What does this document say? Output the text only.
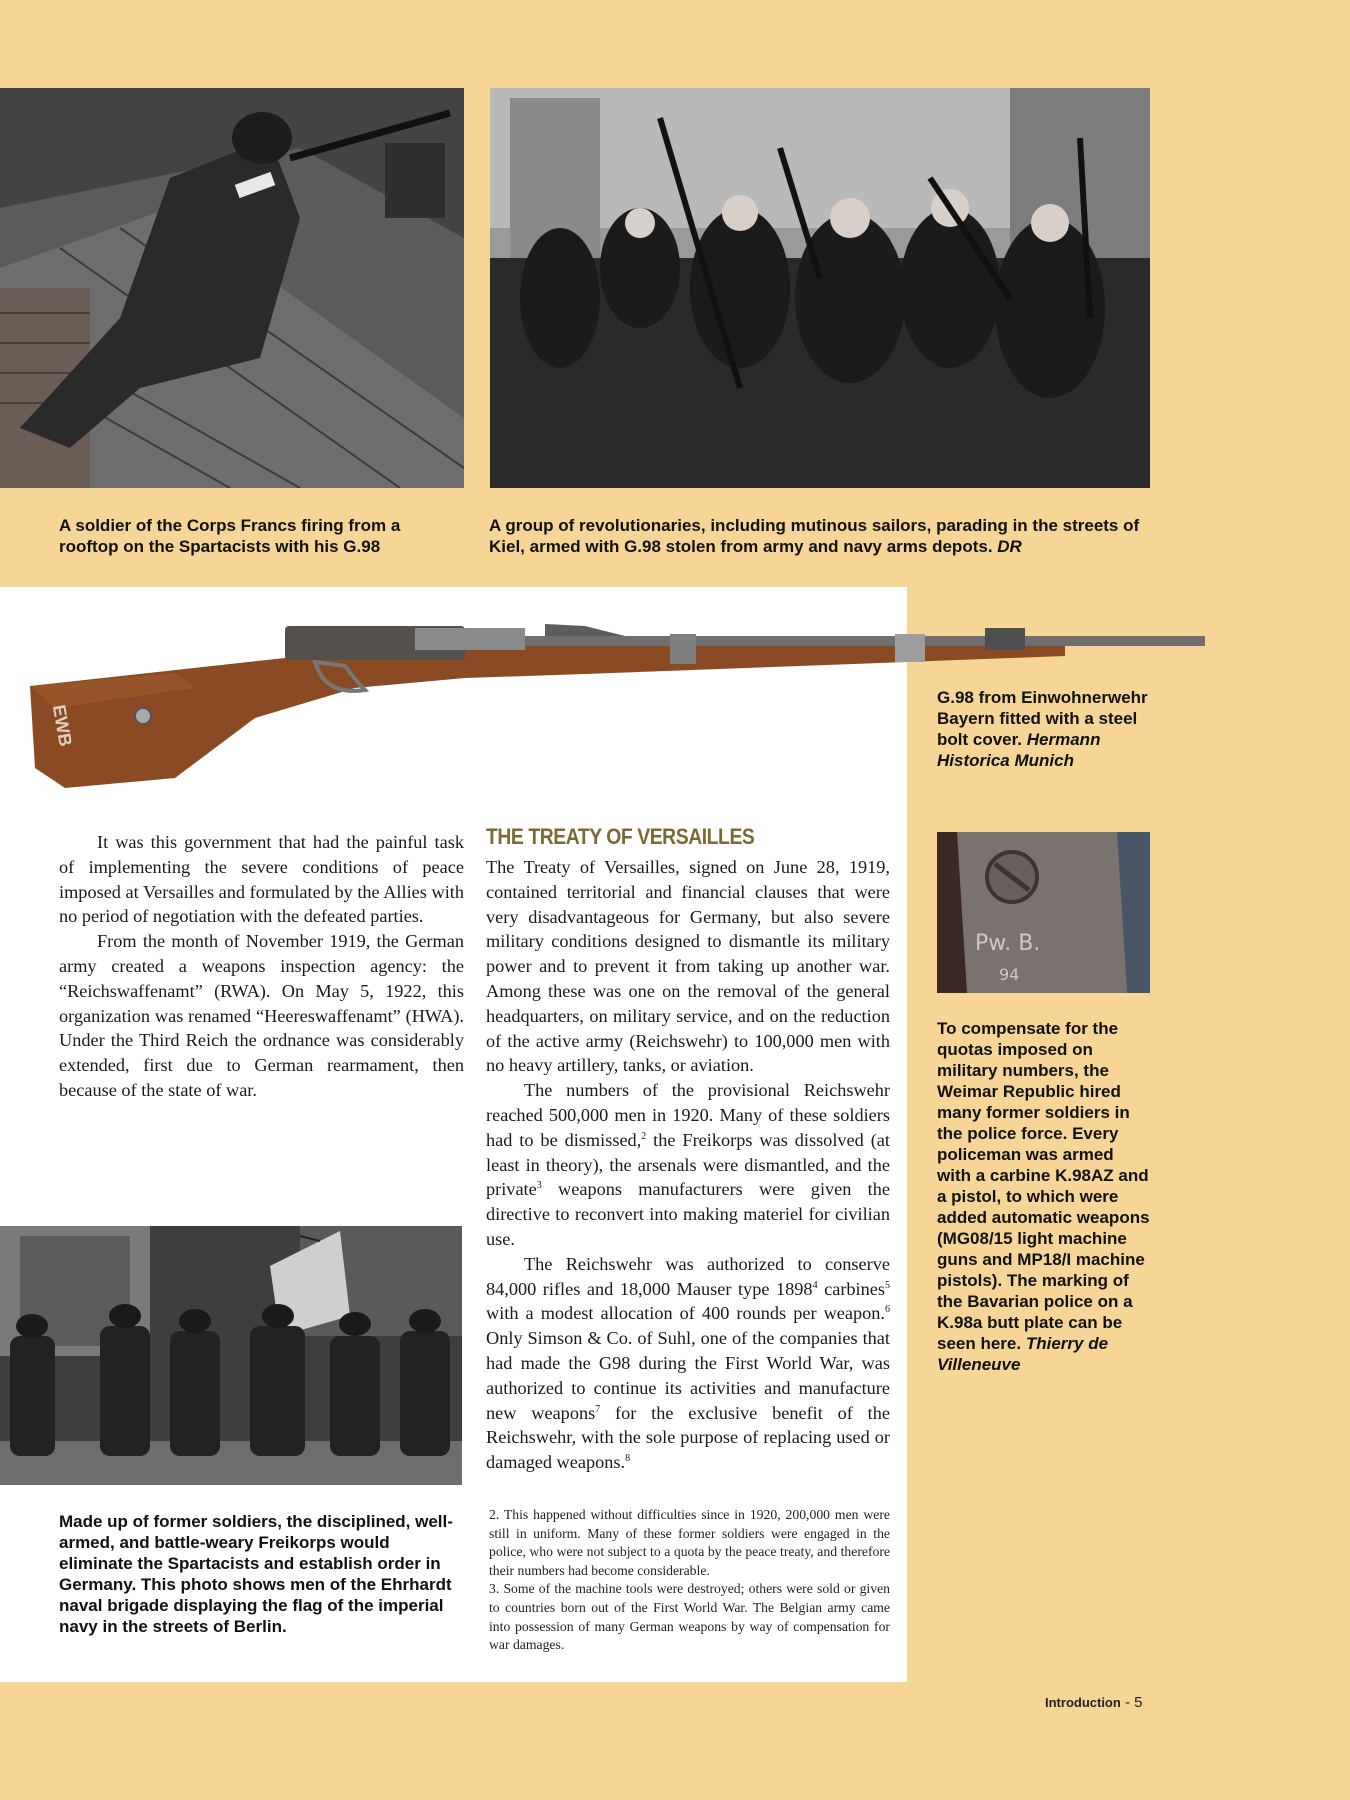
A soldier of the Corps Francs firing from a rooftop on the Spartacists with his G.98
A group of revolutionaries, including mutinous sailors, parading in the streets of Kiel, armed with G.98 stolen from army and navy arms depots. DR
EWB
G.98 from Einwohnerwehr Bayern fitted with a steel bolt cover. Hermann Historica Munich
Pw. B.
94
To compensate for the quotas imposed on military numbers, the Weimar Republic hired many former soldiers in the police force. Every policeman was armed with a carbine K.98AZ and a pistol, to which were added automatic weapons (MG08/15 light machine guns and MP18/I machine pistols). The marking of the Bavarian police on a K.98a butt plate can be seen here. Thierry de Villeneuve

It was this government that had the painful task of implementing the severe conditions of peace imposed at Versailles and formulated by the Allies with no period of negotiation with the defeated parties.

From the month of November 1919, the German army created a weapons inspection agency: the “Reichswaffenamt” (RWA). On May 5, 1922, this organization was renamed “Heereswaffenamt” (HWA). Under the Third Reich the ordnance was considerably extended, first due to German rearmament, then because of the state of war.

Made up of former soldiers, the disciplined, well-armed, and battle-weary Freikorps would eliminate the Spartacists and establish order in Germany. This photo shows men of the Ehrhardt naval brigade displaying the flag of the imperial navy in the streets of Berlin.
THE TREATY OF VERSAILLES

The Treaty of Versailles, signed on June 28, 1919, contained territorial and financial clauses that were very disadvantageous for Germany, but also severe military conditions designed to dismantle its military power and to prevent it from taking up another war. Among these was one on the removal of the general headquarters, on military service, and on the reduction of the active army (Reichswehr) to 100,000 men with no heavy artillery, tanks, or aviation.

The numbers of the provisional Reichswehr reached 500,000 men in 1920. Many of these soldiers had to be dismissed,$^2$ the Freikorps was dissolved (at least in theory), the arsenals were dismantled, and the private$^3$ weapons manufacturers were given the directive to reconvert into making materiel for civilian use.

The Reichswehr was authorized to conserve 84,000 rifles and 18,000 Mauser type 1898$^4$ carbines$^5$ with a modest allocation of 400 rounds per weapon.$^6$ Only Simson & Co. of Suhl, one of the companies that had made the G98 during the First World War, was authorized to continue its activities and manufacture new weapons$^7$ for the exclusive benefit of the Reichswehr, with the sole purpose of replacing used or damaged weapons.$^8$

2. This happened without difficulties since in 1920, 200,000 men were still in uniform. Many of these former soldiers were engaged in the police, who were not subject to a quota by the peace treaty, and therefore their numbers had become considerable.

3. Some of the machine tools were destroyed; others were sold or given to countries born out of the First World War. The Belgian army came into possession of many German weapons by way of compensation for war damages.

Introduction - 5
